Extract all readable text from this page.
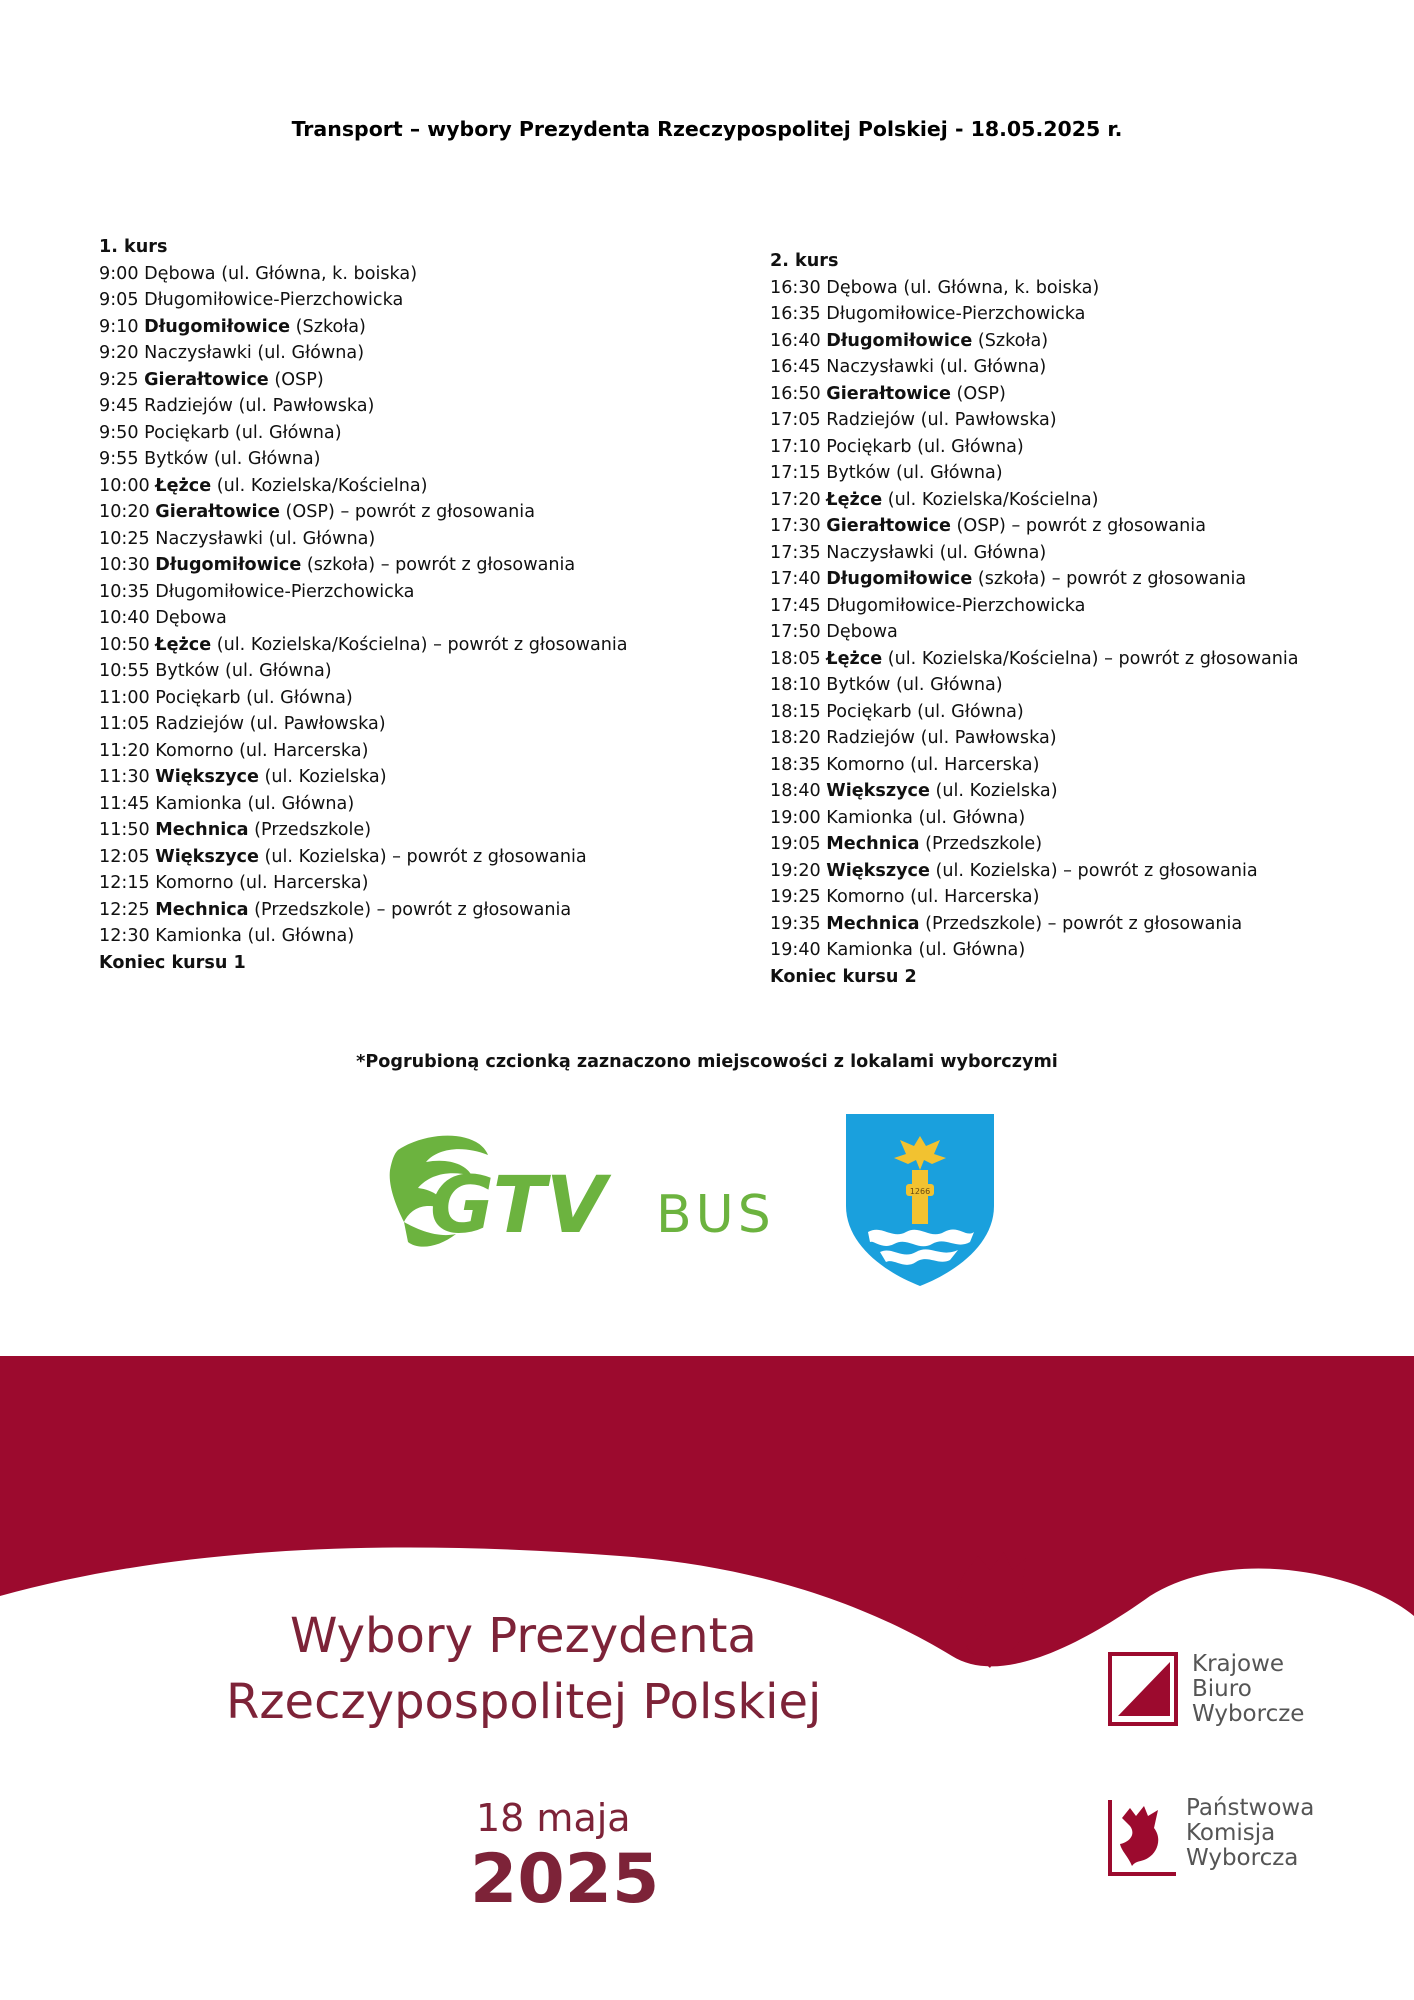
Transport – wybory Prezydenta Rzeczypospolitej Polskiej - 18.05.2025 r.
1. kurs
9:00 Dębowa (ul. Główna, k. boiska)
9:05 Długomiłowice-Pierzchowicka
9:10 Długomiłowice (Szkoła)
9:20 Naczysławki (ul. Główna)
9:25 Gierałtowice (OSP)
9:45 Radziejów (ul. Pawłowska)
9:50 Pociękarb (ul. Główna)
9:55 Bytków (ul. Główna)
10:00 Łężce (ul. Kozielska/Kościelna)
10:20 Gierałtowice (OSP) – powrót z głosowania
10:25 Naczysławki (ul. Główna)
10:30 Długomiłowice (szkoła) – powrót z głosowania
10:35 Długomiłowice-Pierzchowicka
10:40 Dębowa
10:50 Łężce (ul. Kozielska/Kościelna) – powrót z głosowania
10:55 Bytków (ul. Główna)
11:00 Pociękarb (ul. Główna)
11:05 Radziejów (ul. Pawłowska)
11:20 Komorno (ul. Harcerska)
11:30 Większyce (ul. Kozielska)
11:45 Kamionka (ul. Główna)
11:50 Mechnica (Przedszkole)
12:05 Większyce (ul. Kozielska) – powrót z głosowania
12:15 Komorno (ul. Harcerska)
12:25 Mechnica (Przedszkole) – powrót z głosowania
12:30 Kamionka (ul. Główna)
Koniec kursu 1
2. kurs
16:30 Dębowa (ul. Główna, k. boiska)
16:35 Długomiłowice-Pierzchowicka
16:40 Długomiłowice (Szkoła)
16:45 Naczysławki (ul. Główna)
16:50 Gierałtowice (OSP)
17:05 Radziejów (ul. Pawłowska)
17:10 Pociękarb (ul. Główna)
17:15 Bytków (ul. Główna)
17:20 Łężce (ul. Kozielska/Kościelna)
17:30 Gierałtowice (OSP) – powrót z głosowania
17:35 Naczysławki (ul. Główna)
17:40 Długomiłowice (szkoła) – powrót z głosowania
17:45 Długomiłowice-Pierzchowicka
17:50 Dębowa
18:05 Łężce (ul. Kozielska/Kościelna) – powrót z głosowania
18:10 Bytków (ul. Główna)
18:15 Pociękarb (ul. Główna)
18:20 Radziejów (ul. Pawłowska)
18:35 Komorno (ul. Harcerska)
18:40 Większyce (ul. Kozielska)
19:00 Kamionka (ul. Główna)
19:05 Mechnica (Przedszkole)
19:20 Większyce (ul. Kozielska) – powrót z głosowania
19:25 Komorno (ul. Harcerska)
19:35 Mechnica (Przedszkole) – powrót z głosowania
19:40 Kamionka (ul. Główna)
Koniec kursu 2
*Pogrubioną czcionką zaznaczono miejscowości z lokalami wyborczymi
GTV BUS	1266
Wybory Prezydenta
Rzeczypospolitej Polskiej
18 maja
2025
Krajowe
Biuro
Wyborcze
Państwowa
Komisja
Wyborcza
